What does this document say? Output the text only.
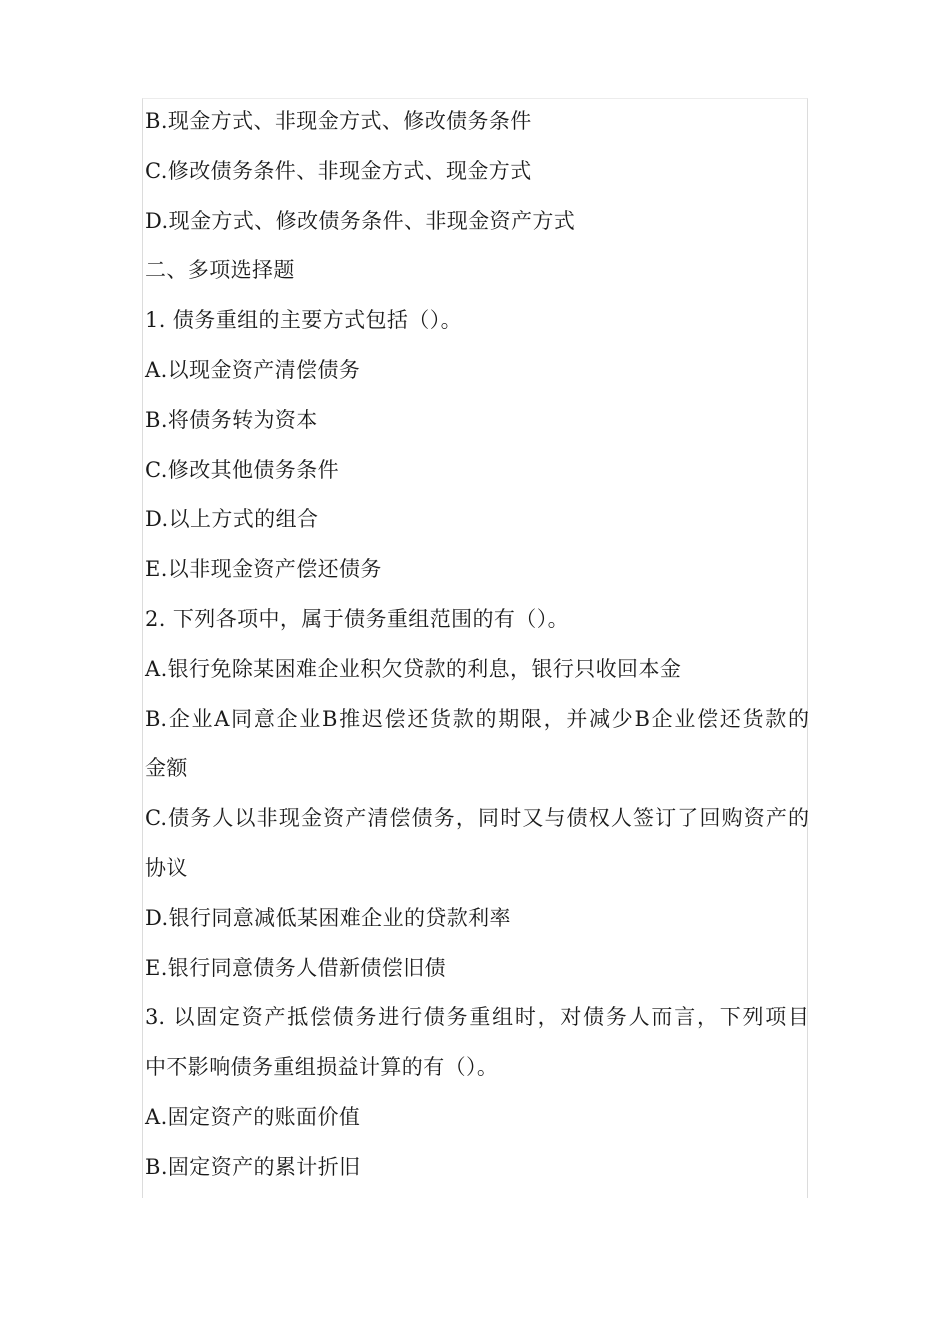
B.现金方式、非现金方式、修改债务条件
C.修改债务条件、非现金方式、现金方式
D.现金方式、修改债务条件、非现金资产方式
二、多项选择题
1. 债务重组的主要方式包括（）。
A.以现金资产清偿债务
B.将债务转为资本
C.修改其他债务条件
D.以上方式的组合
E.以非现金资产偿还债务
2. 下列各项中，属于债务重组范围的有（）。
A.银行免除某困难企业积欠贷款的利息，银行只收回本金
B.企业A同意企业B推迟偿还货款的期限，并减少B企业偿还货款的
金额
C.债务人以非现金资产清偿债务，同时又与债权人签订了回购资产的
协议
D.银行同意减低某困难企业的贷款利率
E.银行同意债务人借新债偿旧债
3. 以固定资产抵偿债务进行债务重组时，对债务人而言，下列项目
中不影响债务重组损益计算的有（）。
A.固定资产的账面价值
B.固定资产的累计折旧
